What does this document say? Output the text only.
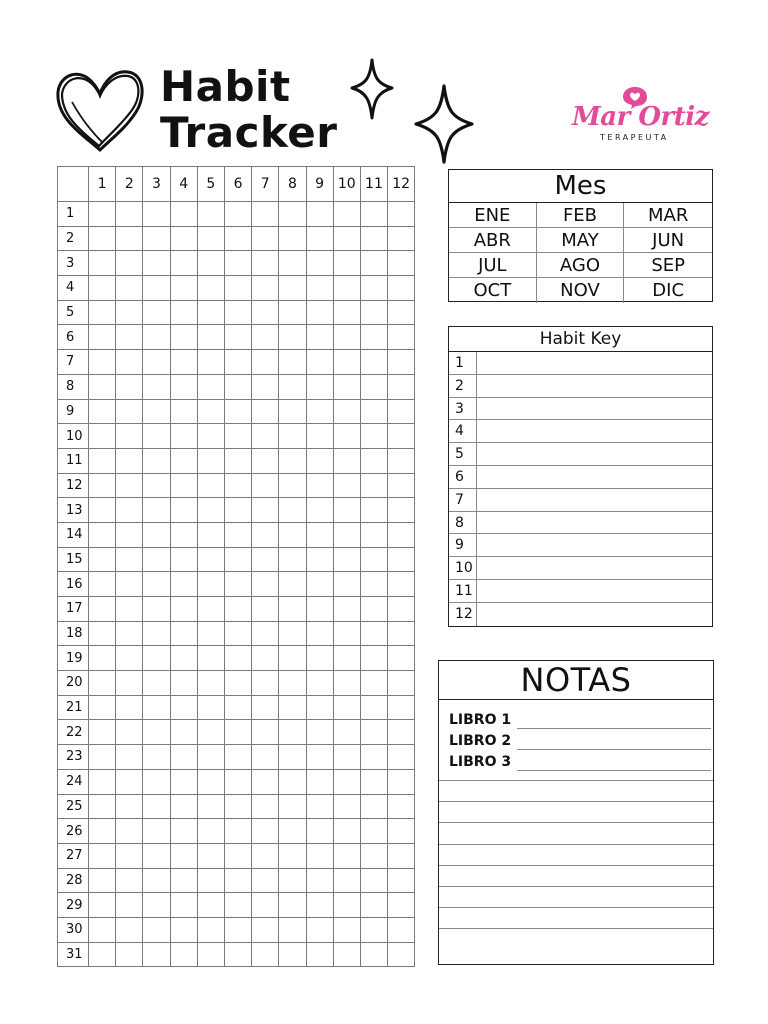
Habit
Tracker	Mar Ortiz
TERAPEUTA
	1	2	3	4	5	6	7	8	9	10	11	12
1												
2												
3												
4												
5												
6												
7												
8												
9												
10												
11												
12												
13												
14												
15												
16												
17												
18												
19												
20												
21												
22												
23												
24												
25												
26												
27												
28												
29												
30												
31												
Mes
ENE	FEB	MAR
ABR	MAY	JUN
JUL	AGO	SEP
OCT	NOV	DIC
Habit Key
1
2
3
4
5
6
7
8
9
10
11
12
NOTAS
LIBRO 1
LIBRO 2
LIBRO 3
